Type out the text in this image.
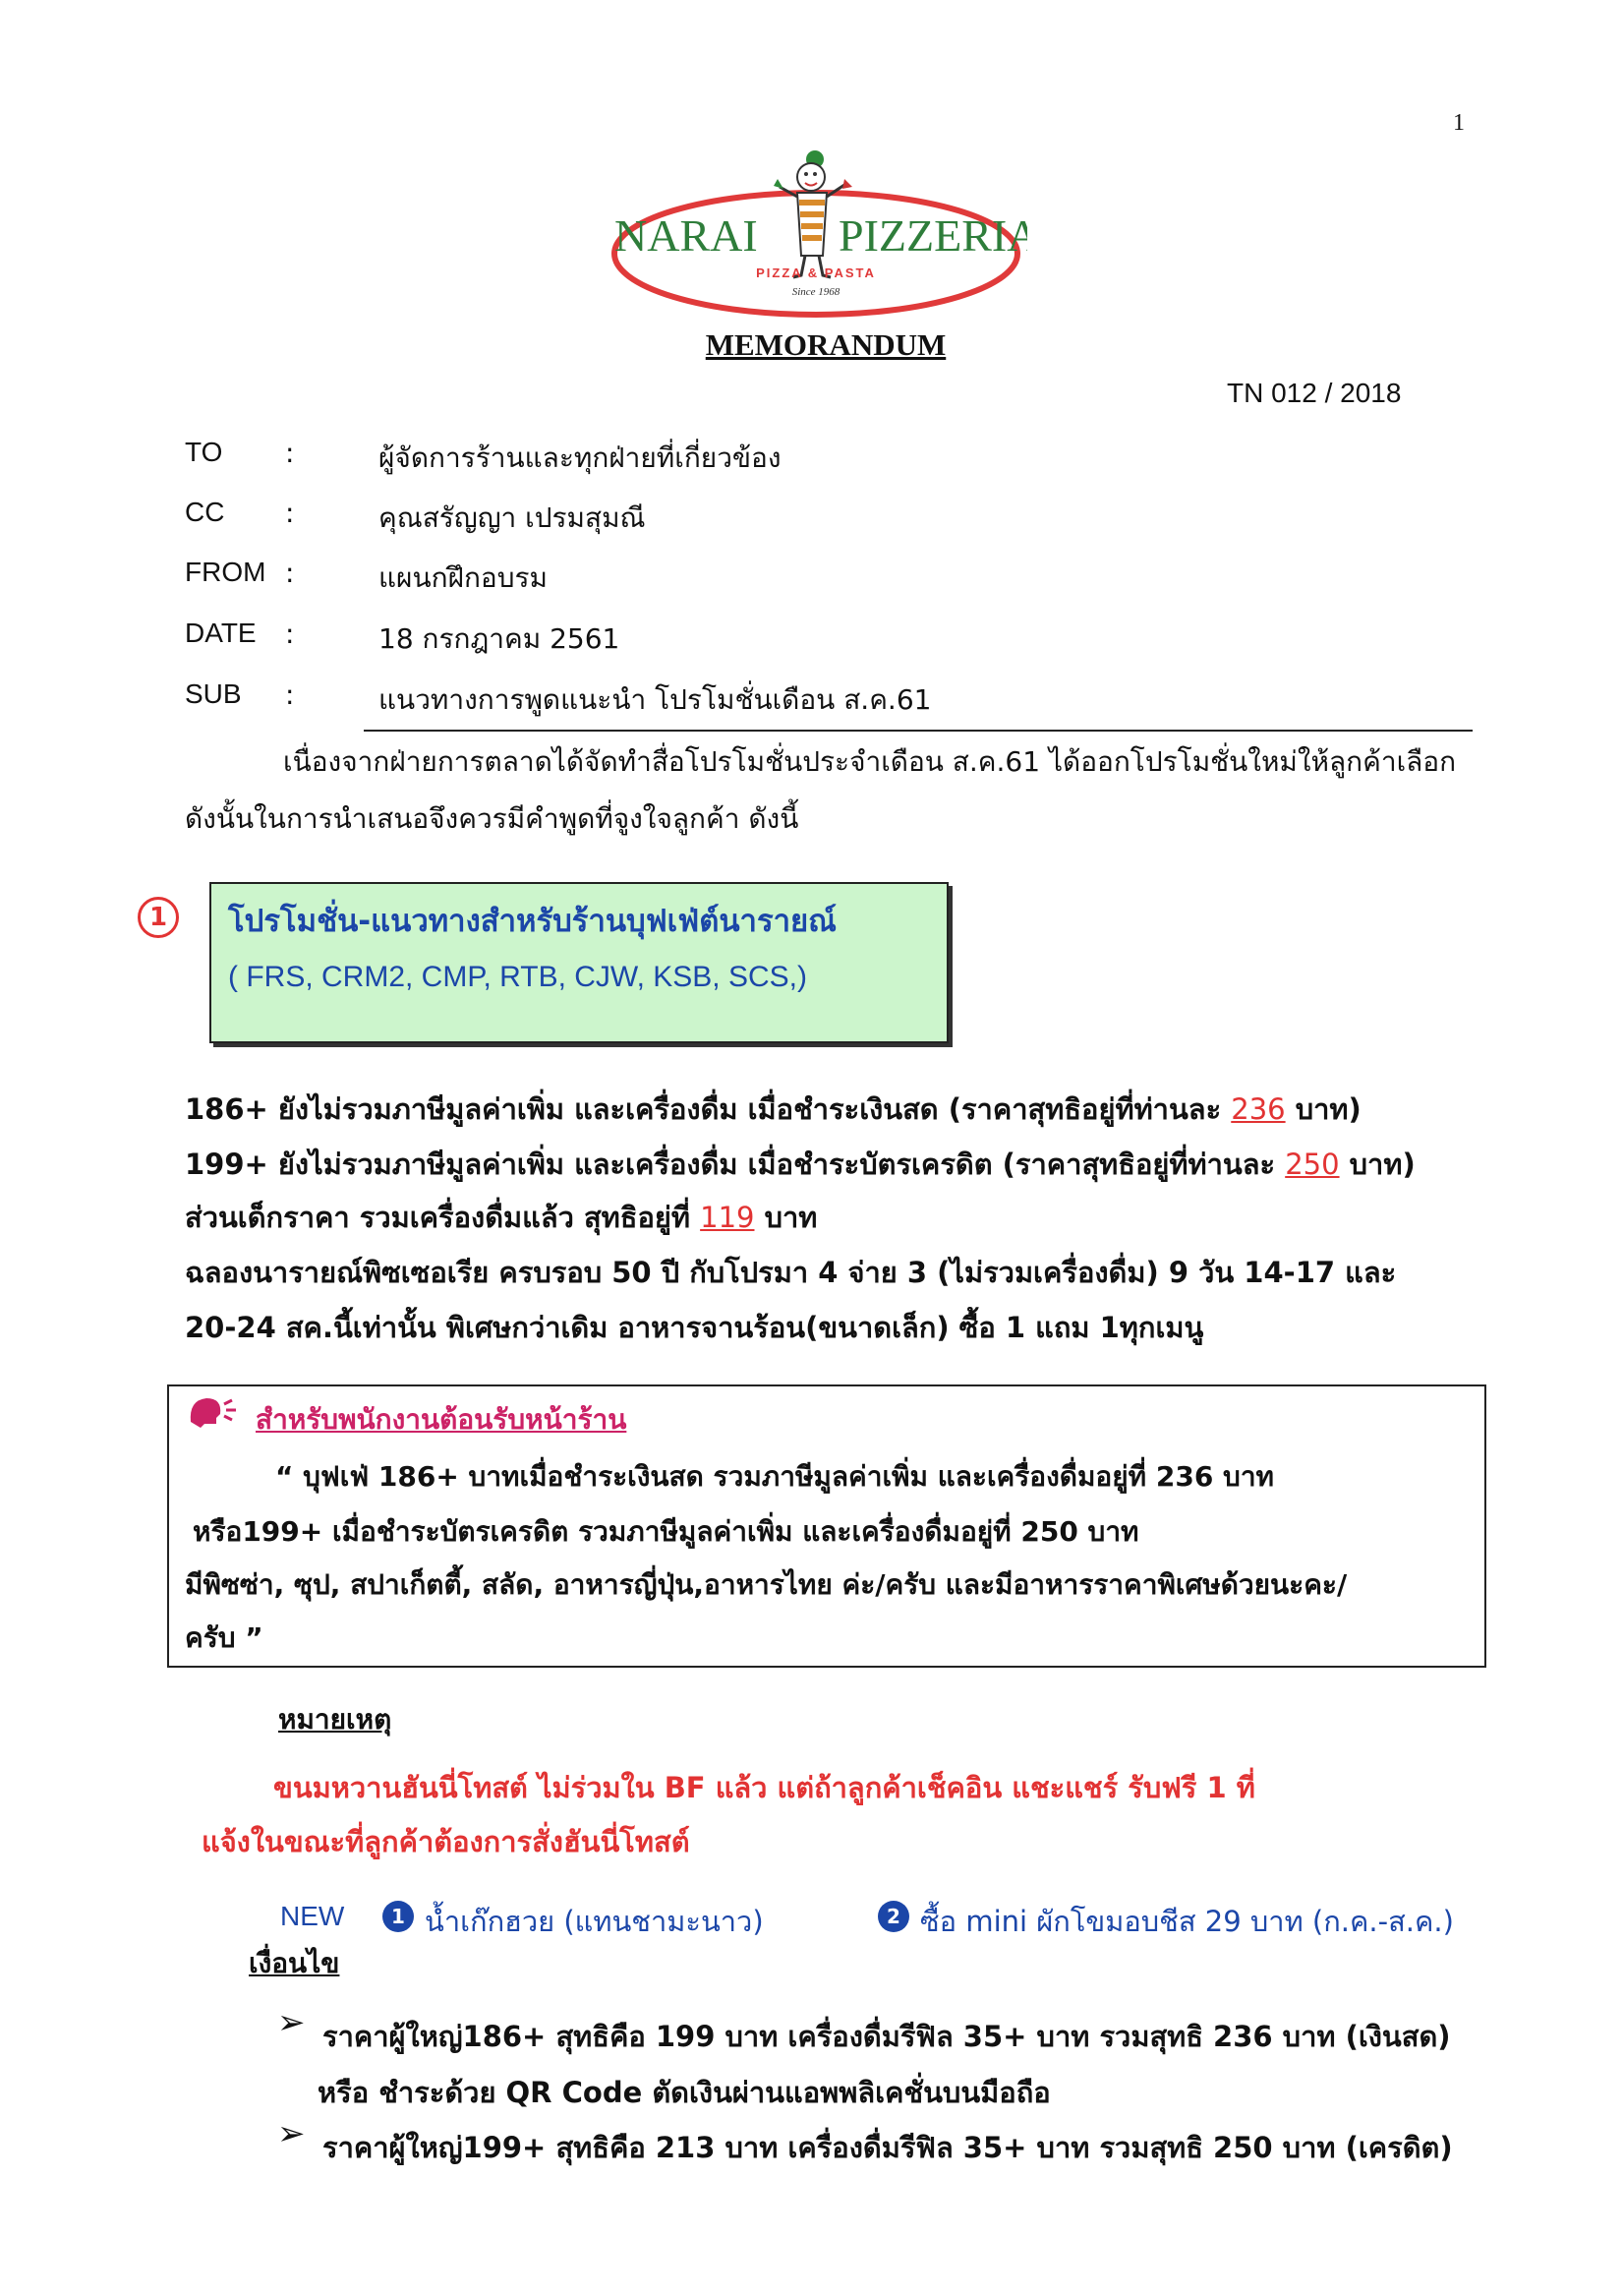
1
NARAI PIZZERIA
PIZZA & PASTA
Since 1968
MEMORANDUM
TN 012 / 2018
TO :	ผู้จัดการร้านและทุกฝ่ายที่เกี่ยวข้อง
CC :	คุณสรัญญา เปรมสุมณี
FROM :	แผนกฝึกอบรม
DATE :	18 กรกฎาคม 2561
SUB :	แนวทางการพูดแนะนำ โปรโมชั่นเดือน ส.ค.61
เนื่องจากฝ่ายการตลาดได้จัดทำสื่อโปรโมชั่นประจำเดือน ส.ค.61 ได้ออกโปรโมชั่นใหม่ให้ลูกค้าเลือก
ดังนั้นในการนำเสนอจึงควรมีคำพูดที่จูงใจลูกค้า ดังนี้
1	โปรโมชั่น-แนวทางสำหรับร้านบุฟเฟ่ต์นารายณ์
( FRS, CRM2, CMP, RTB, CJW, KSB, SCS,)
186+ ยังไม่รวมภาษีมูลค่าเพิ่ม และเครื่องดื่ม เมื่อชำระเงินสด (ราคาสุทธิอยู่ที่ท่านละ 236 บาท)
199+ ยังไม่รวมภาษีมูลค่าเพิ่ม และเครื่องดื่ม เมื่อชำระบัตรเครดิต (ราคาสุทธิอยู่ที่ท่านละ 250 บาท)
ส่วนเด็กราคา รวมเครื่องดื่มแล้ว สุทธิอยู่ที่ 119 บาท
ฉลองนารายณ์พิซเซอเรีย ครบรอบ 50 ปี กับโปรมา 4 จ่าย 3 (ไม่รวมเครื่องดื่ม) 9 วัน 14-17 และ
20-24 สค.นี้เท่านั้น พิเศษกว่าเดิม อาหารจานร้อน(ขนาดเล็ก) ซื้อ 1 แถม 1ทุกเมนู
สำหรับพนักงานต้อนรับหน้าร้าน
“ บุฟเฟ่ 186+ บาทเมื่อชำระเงินสด รวมภาษีมูลค่าเพิ่ม และเครื่องดื่มอยู่ที่ 236 บาท
หรือ199+ เมื่อชำระบัตรเครดิต รวมภาษีมูลค่าเพิ่ม และเครื่องดื่มอยู่ที่ 250 บาท
มีพิซซ่า, ซุป, สปาเก็ตตี้, สลัด, อาหารญี่ปุ่น,อาหารไทย ค่ะ/ครับ และมีอาหารราคาพิเศษด้วยนะคะ/
ครับ ”
หมายเหตุ
ขนมหวานฮันนี่โทสต์ ไม่ร่วมใน BF แล้ว แต่ถ้าลูกค้าเช็คอิน แชะแชร์ รับฟรี 1 ที่
แจ้งในขณะที่ลูกค้าต้องการสั่งฮันนี่โทสต์
NEW	1 น้ำเก๊กฮวย (แทนชามะนาว)	2 ซื้อ mini ผักโขมอบชีส 29 บาท (ก.ค.-ส.ค.)
เงื่อนไข
➢ ราคาผู้ใหญ่186+ สุทธิคือ 199 บาท เครื่องดื่มรีฟิล 35+ บาท รวมสุทธิ 236 บาท (เงินสด)
หรือ ชำระด้วย QR Code ตัดเงินผ่านแอพพลิเคชั่นบนมือถือ
➢ ราคาผู้ใหญ่199+ สุทธิคือ 213 บาท เครื่องดื่มรีฟิล 35+ บาท รวมสุทธิ 250 บาท (เครดิต)
